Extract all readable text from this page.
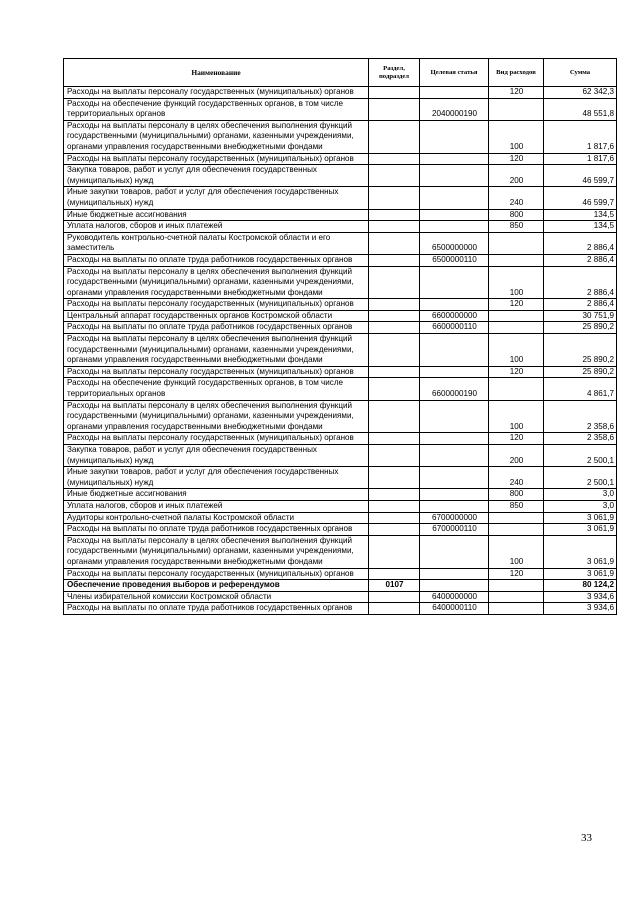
Наименование	Раздел, подраздел	Целевая статья	Вид расходов	Сумма
Расходы на выплаты персоналу государственных (муниципальных) органов			120	62 342,3
Расходы на обеспечение функций государственных органов, в том числе территориальных органов		2040000190		48 551,8
Расходы на выплаты персоналу в целях обеспечения выполнения функций государственными (муниципальными) органами, казенными учреждениями, органами управления государственными внебюджетными фондами			100	1 817,6
Расходы на выплаты персоналу государственных (муниципальных) органов			120	1 817,6
Закупка товаров, работ и услуг для обеспечения государственных (муниципальных) нужд			200	46 599,7
Иные закупки товаров, работ и услуг для обеспечения государственных (муниципальных) нужд			240	46 599,7
Иные бюджетные ассигнования			800	134,5
Уплата налогов, сборов и иных платежей			850	134,5
Руководитель контрольно-счетной палаты Костромской области и его заместитель		6500000000		2 886,4
Расходы на выплаты по оплате труда работников государственных органов		6500000110		2 886,4
Расходы на выплаты персоналу в целях обеспечения выполнения функций государственными (муниципальными) органами, казенными учреждениями, органами управления государственными внебюджетными фондами			100	2 886,4
Расходы на выплаты персоналу государственных (муниципальных) органов			120	2 886,4
Центральный аппарат государственных органов Костромской области		6600000000		30 751,9
Расходы на выплаты по оплате труда работников государственных органов		6600000110		25 890,2
Расходы на выплаты персоналу в целях обеспечения выполнения функций государственными (муниципальными) органами, казенными учреждениями, органами управления государственными внебюджетными фондами			100	25 890,2
Расходы на выплаты персоналу государственных (муниципальных) органов			120	25 890,2
Расходы на обеспечение функций государственных органов, в том числе территориальных органов		6600000190		4 861,7
Расходы на выплаты персоналу в целях обеспечения выполнения функций государственными (муниципальными) органами, казенными учреждениями, органами управления государственными внебюджетными фондами			100	2 358,6
Расходы на выплаты персоналу государственных (муниципальных) органов			120	2 358,6
Закупка товаров, работ и услуг для обеспечения государственных (муниципальных) нужд			200	2 500,1
Иные закупки товаров, работ и услуг для обеспечения государственных (муниципальных) нужд			240	2 500,1
Иные бюджетные ассигнования			800	3,0
Уплата налогов, сборов и иных платежей			850	3,0
Аудиторы контрольно-счетной палаты Костромской области		6700000000		3 061,9
Расходы на выплаты по оплате труда работников государственных органов		6700000110		3 061,9
Расходы на выплаты персоналу в целях обеспечения выполнения функций государственными (муниципальными) органами, казенными учреждениями, органами управления государственными внебюджетными фондами			100	3 061,9
Расходы на выплаты персоналу государственных (муниципальных) органов			120	3 061,9
Обеспечение проведения выборов и референдумов	0107			80 124,2
Члены избирательной комиссии Костромской области		6400000000		3 934,6
Расходы на выплаты по оплате труда работников государственных органов		6400000110		3 934,6
33
